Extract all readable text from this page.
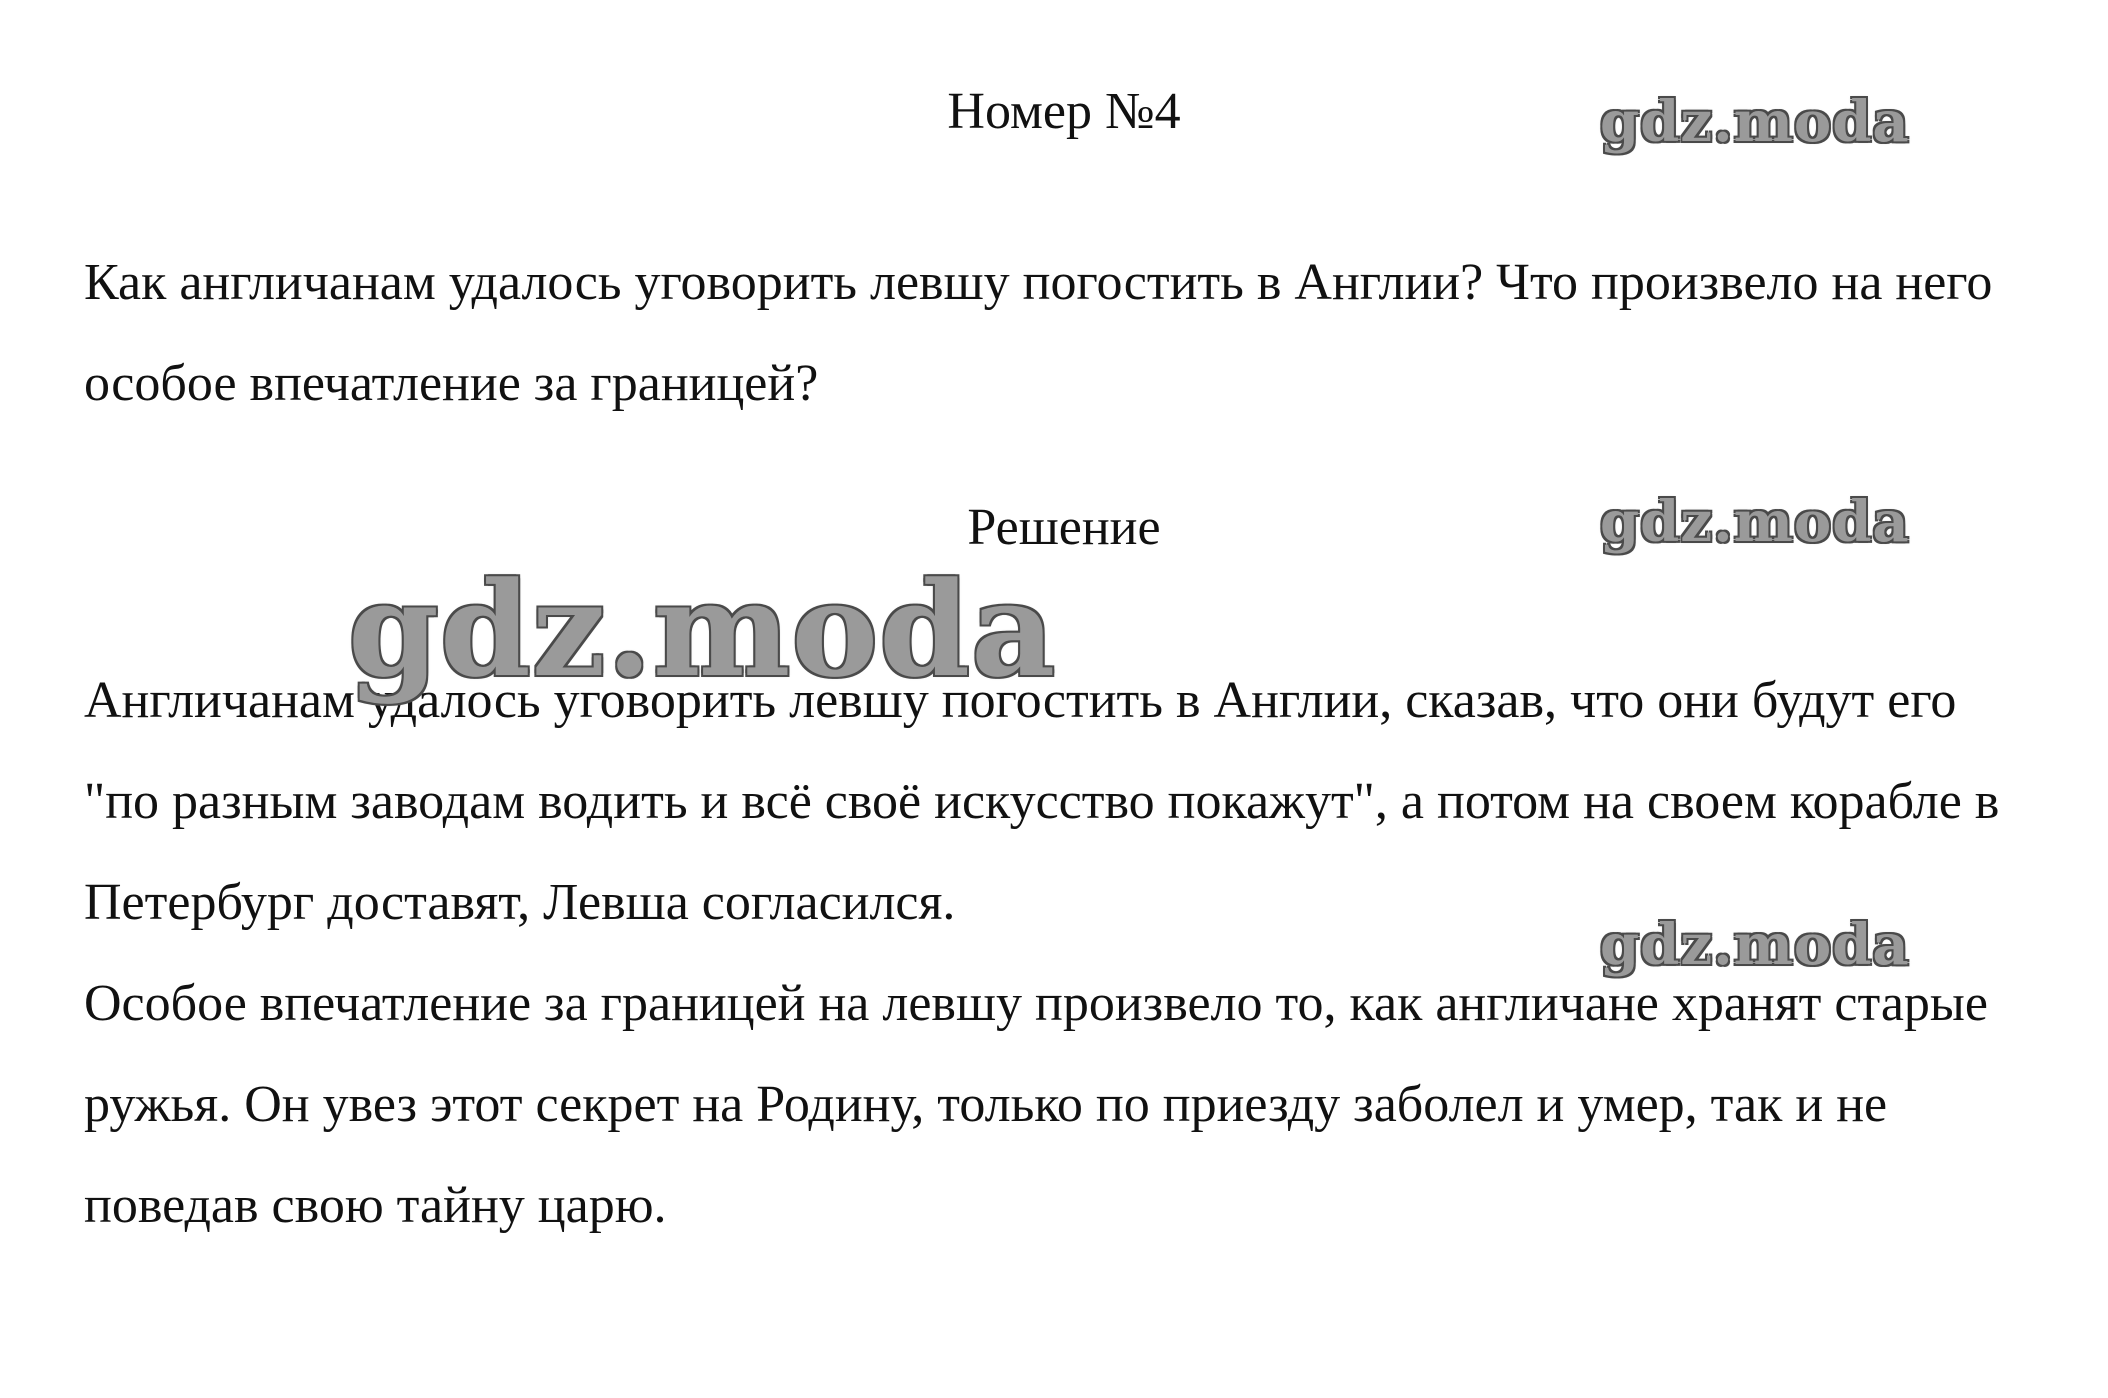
Номер №4

Как англичанам удалось уговорить левшу погостить в Англии? Что произвело на него особое впечатление за границей?

Решение
Англичанам удалось уговорить левшу погостить в Англии, сказав, что они будут его "по разным заводам водить и всё своё искусство покажут", а потом на своем корабле в Петербург доставят, Левша согласился.
Особое впечатление за границей на левшу произвело то, как англичане хранят старые ружья. Он увез этот секрет на Родину, только по приезду заболел и умер, так и не поведав свою тайну царю.
gdz.moda
gdz.moda
gdz.moda
gdz.moda
